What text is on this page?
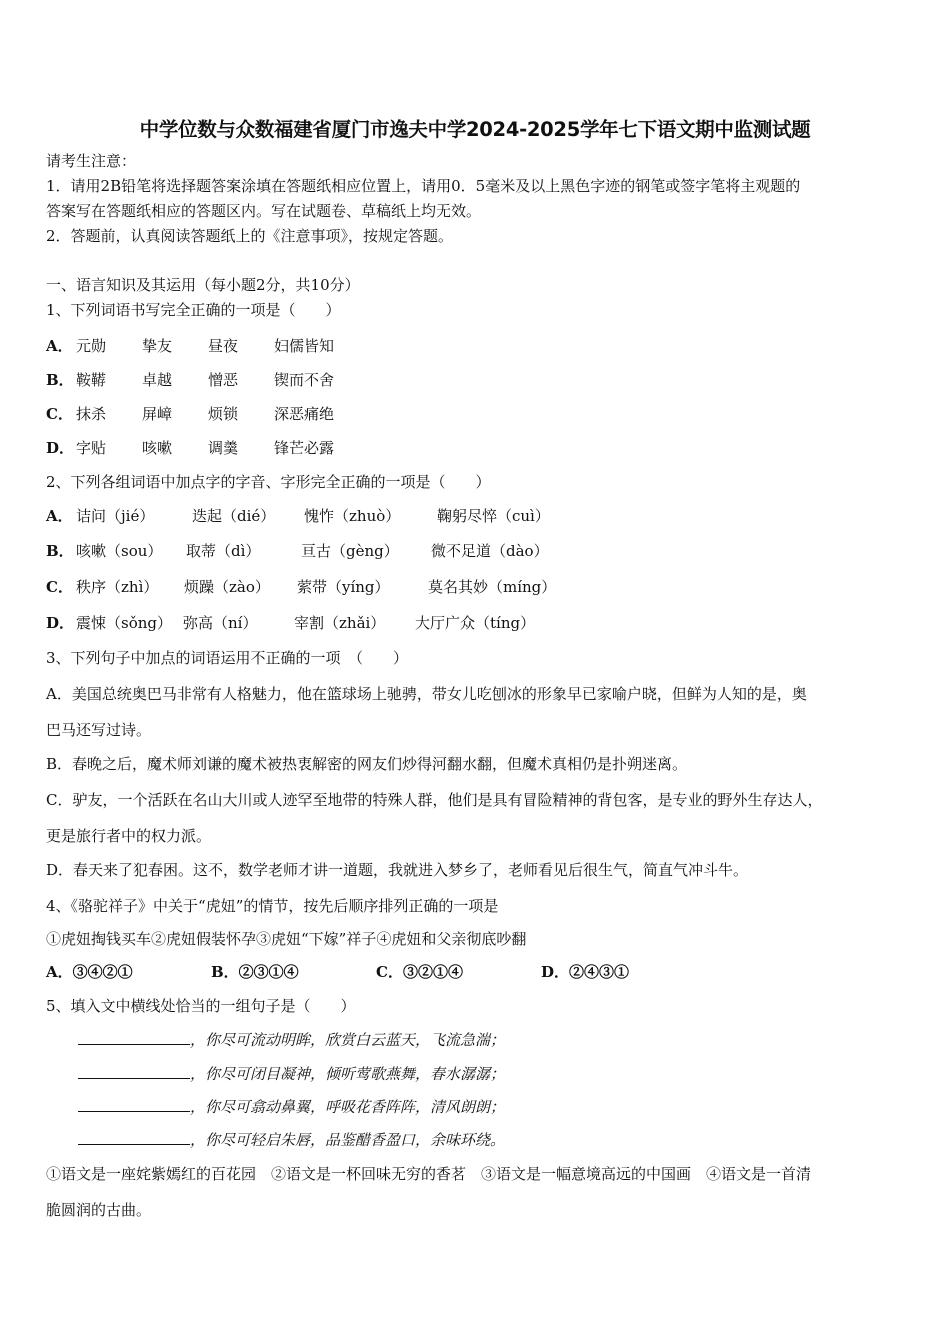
中学位数与众数福建省厦门市逸夫中学2024-2025学年七下语文期中监测试题
请考生注意：
1．请用2B铅笔将选择题答案涂填在答题纸相应位置上，请用0．5毫米及以上黑色字迹的钢笔或签字笔将主观题的
答案写在答题纸相应的答题区内。写在试题卷、草稿纸上均无效。
2．答题前，认真阅读答题纸上的《注意事项》，按规定答题。
一、语言知识及其运用（每小题2分，共10分）
1、下列词语书写完全正确的一项是（　　）
A． 元勋 挚友 昼夜 妇儒皆知
B． 鞍鞯 卓越 憎恶 锲而不舍
C． 抹杀 屏嶂 烦锁 深恶痛绝
D． 字贴 咳嗽 调羹 锋芒必露
2、下列各组词语中加点字的字音、字形完全正确的一项是（　　）
A． 诘问（jié）	迭起（dié） 愧怍（zhuò） 鞠躬尽悴（cuì）
B． 咳嗽（sou） 取蒂（dì）	亘古（gèng） 微不足道（dào）
C． 秩序（zhì） 烦躁（zào） 萦带（yíng）	莫名其妙（míng）
D． 震悚（sǒng） 弥高（ní） 宰割（zhǎi） 大厅广众（tíng）
3、下列句子中加点的词语运用不正确的一项　（　　）
A．美国总统奥巴马非常有人格魅力，他在篮球场上驰骋，带女儿吃刨冰的形象早已家喻户晓，但鲜为人知的是，奥
巴马还写过诗。
B．春晚之后，魔术师刘谦的魔术被热衷解密的网友们炒得河翻水翻，但魔术真相仍是扑朔迷离。
C．驴友，一个活跃在名山大川或人迹罕至地带的特殊人群，他们是具有冒险精神的背包客，是专业的野外生存达人，
更是旅行者中的权力派。
D．春天来了犯春困。这不，数学老师才讲一道题，我就进入梦乡了，老师看见后很生气，简直气冲斗牛。
4、《骆驼祥子》中关于“虎妞”的情节，按先后顺序排列正确的一项是
①虎妞掏钱买车②虎妞假装怀孕③虎妞“下嫁”祥子④虎妞和父亲彻底吵翻
A．③④②①	B．②③①④	C．③②①④	D．②④③①
5、填入文中横线处恰当的一组句子是（　　）
，你尽可流动明眸，欣赏白云蓝天，飞流急湍；
，你尽可闭目凝神，倾听莺歌燕舞，春水潺潺；
，你尽可翕动鼻翼，呼吸花香阵阵，清风朗朗；
，你尽可轻启朱唇，品鉴醋香盈口，余味环绕。
①语文是一座姹紫嫣红的百花园　②语文是一杯回味无穷的香茗　③语文是一幅意境高远的中国画　④语文是一首清
脆圆润的古曲。
